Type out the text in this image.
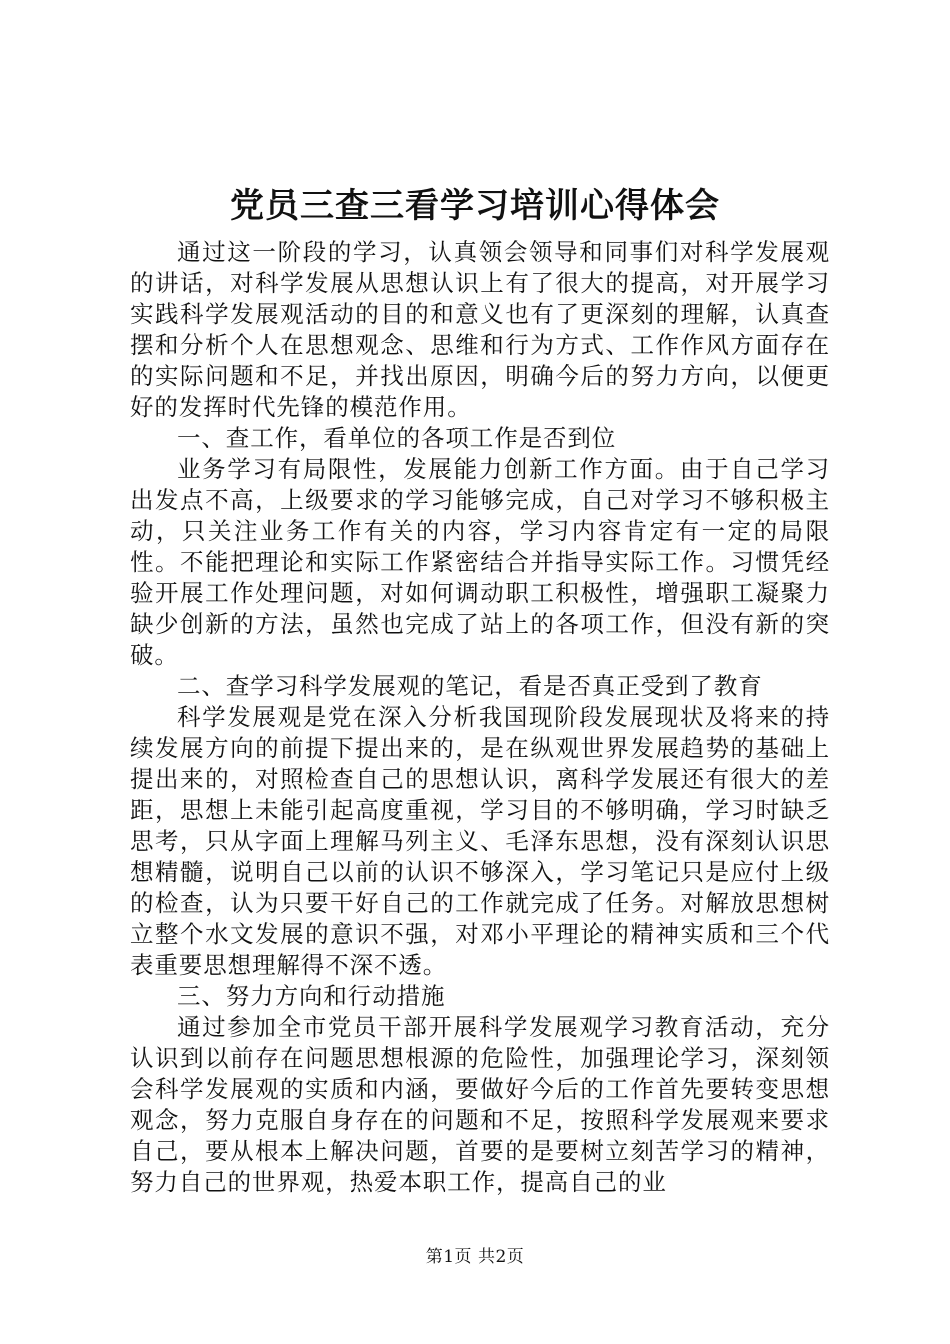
党员三查三看学习培训心得体会

通过这一阶段的学习，认真领会领导和同事们对科学发展观的讲话，对科学发展从思想认识上有了很大的提高，对开展学习实践科学发展观活动的目的和意义也有了更深刻的理解，认真查摆和分析个人在思想观念、思维和行为方式、工作作风方面存在的实际问题和不足，并找出原因，明确今后的努力方向，以便更好的发挥时代先锋的模范作用。

一、查工作，看单位的各项工作是否到位

业务学习有局限性，发展能力创新工作方面。由于自己学习出发点不高，上级要求的学习能够完成，自己对学习不够积极主动，只关注业务工作有关的内容，学习内容肯定有一定的局限性。不能把理论和实际工作紧密结合并指导实际工作。习惯凭经验开展工作处理问题，对如何调动职工积极性，增强职工凝聚力缺少创新的方法，虽然也完成了站上的各项工作，但没有新的突破。

二、查学习科学发展观的笔记，看是否真正受到了教育

科学发展观是党在深入分析我国现阶段发展现状及将来的持续发展方向的前提下提出来的，是在纵观世界发展趋势的基础上提出来的，对照检查自己的思想认识，离科学发展还有很大的差距，思想上未能引起高度重视，学习目的不够明确，学习时缺乏思考，只从字面上理解马列主义、毛泽东思想，没有深刻认识思想精髓，说明自己以前的认识不够深入，学习笔记只是应付上级的检查，认为只要干好自己的工作就完成了任务。对解放思想树立整个水文发展的意识不强，对邓小平理论的精神实质和三个代表重要思想理解得不深不透。

三、努力方向和行动措施

通过参加全市党员干部开展科学发展观学习教育活动，充分认识到以前存在问题思想根源的危险性，加强理论学习，深刻领会科学发展观的实质和内涵，要做好今后的工作首先要转变思想观念，努力克服自身存在的问题和不足，按照科学发展观来要求自己，要从根本上解决问题，首要的是要树立刻苦学习的精神，努力自己的世界观，热爱本职工作，提高自己的业

第1页 共2页
